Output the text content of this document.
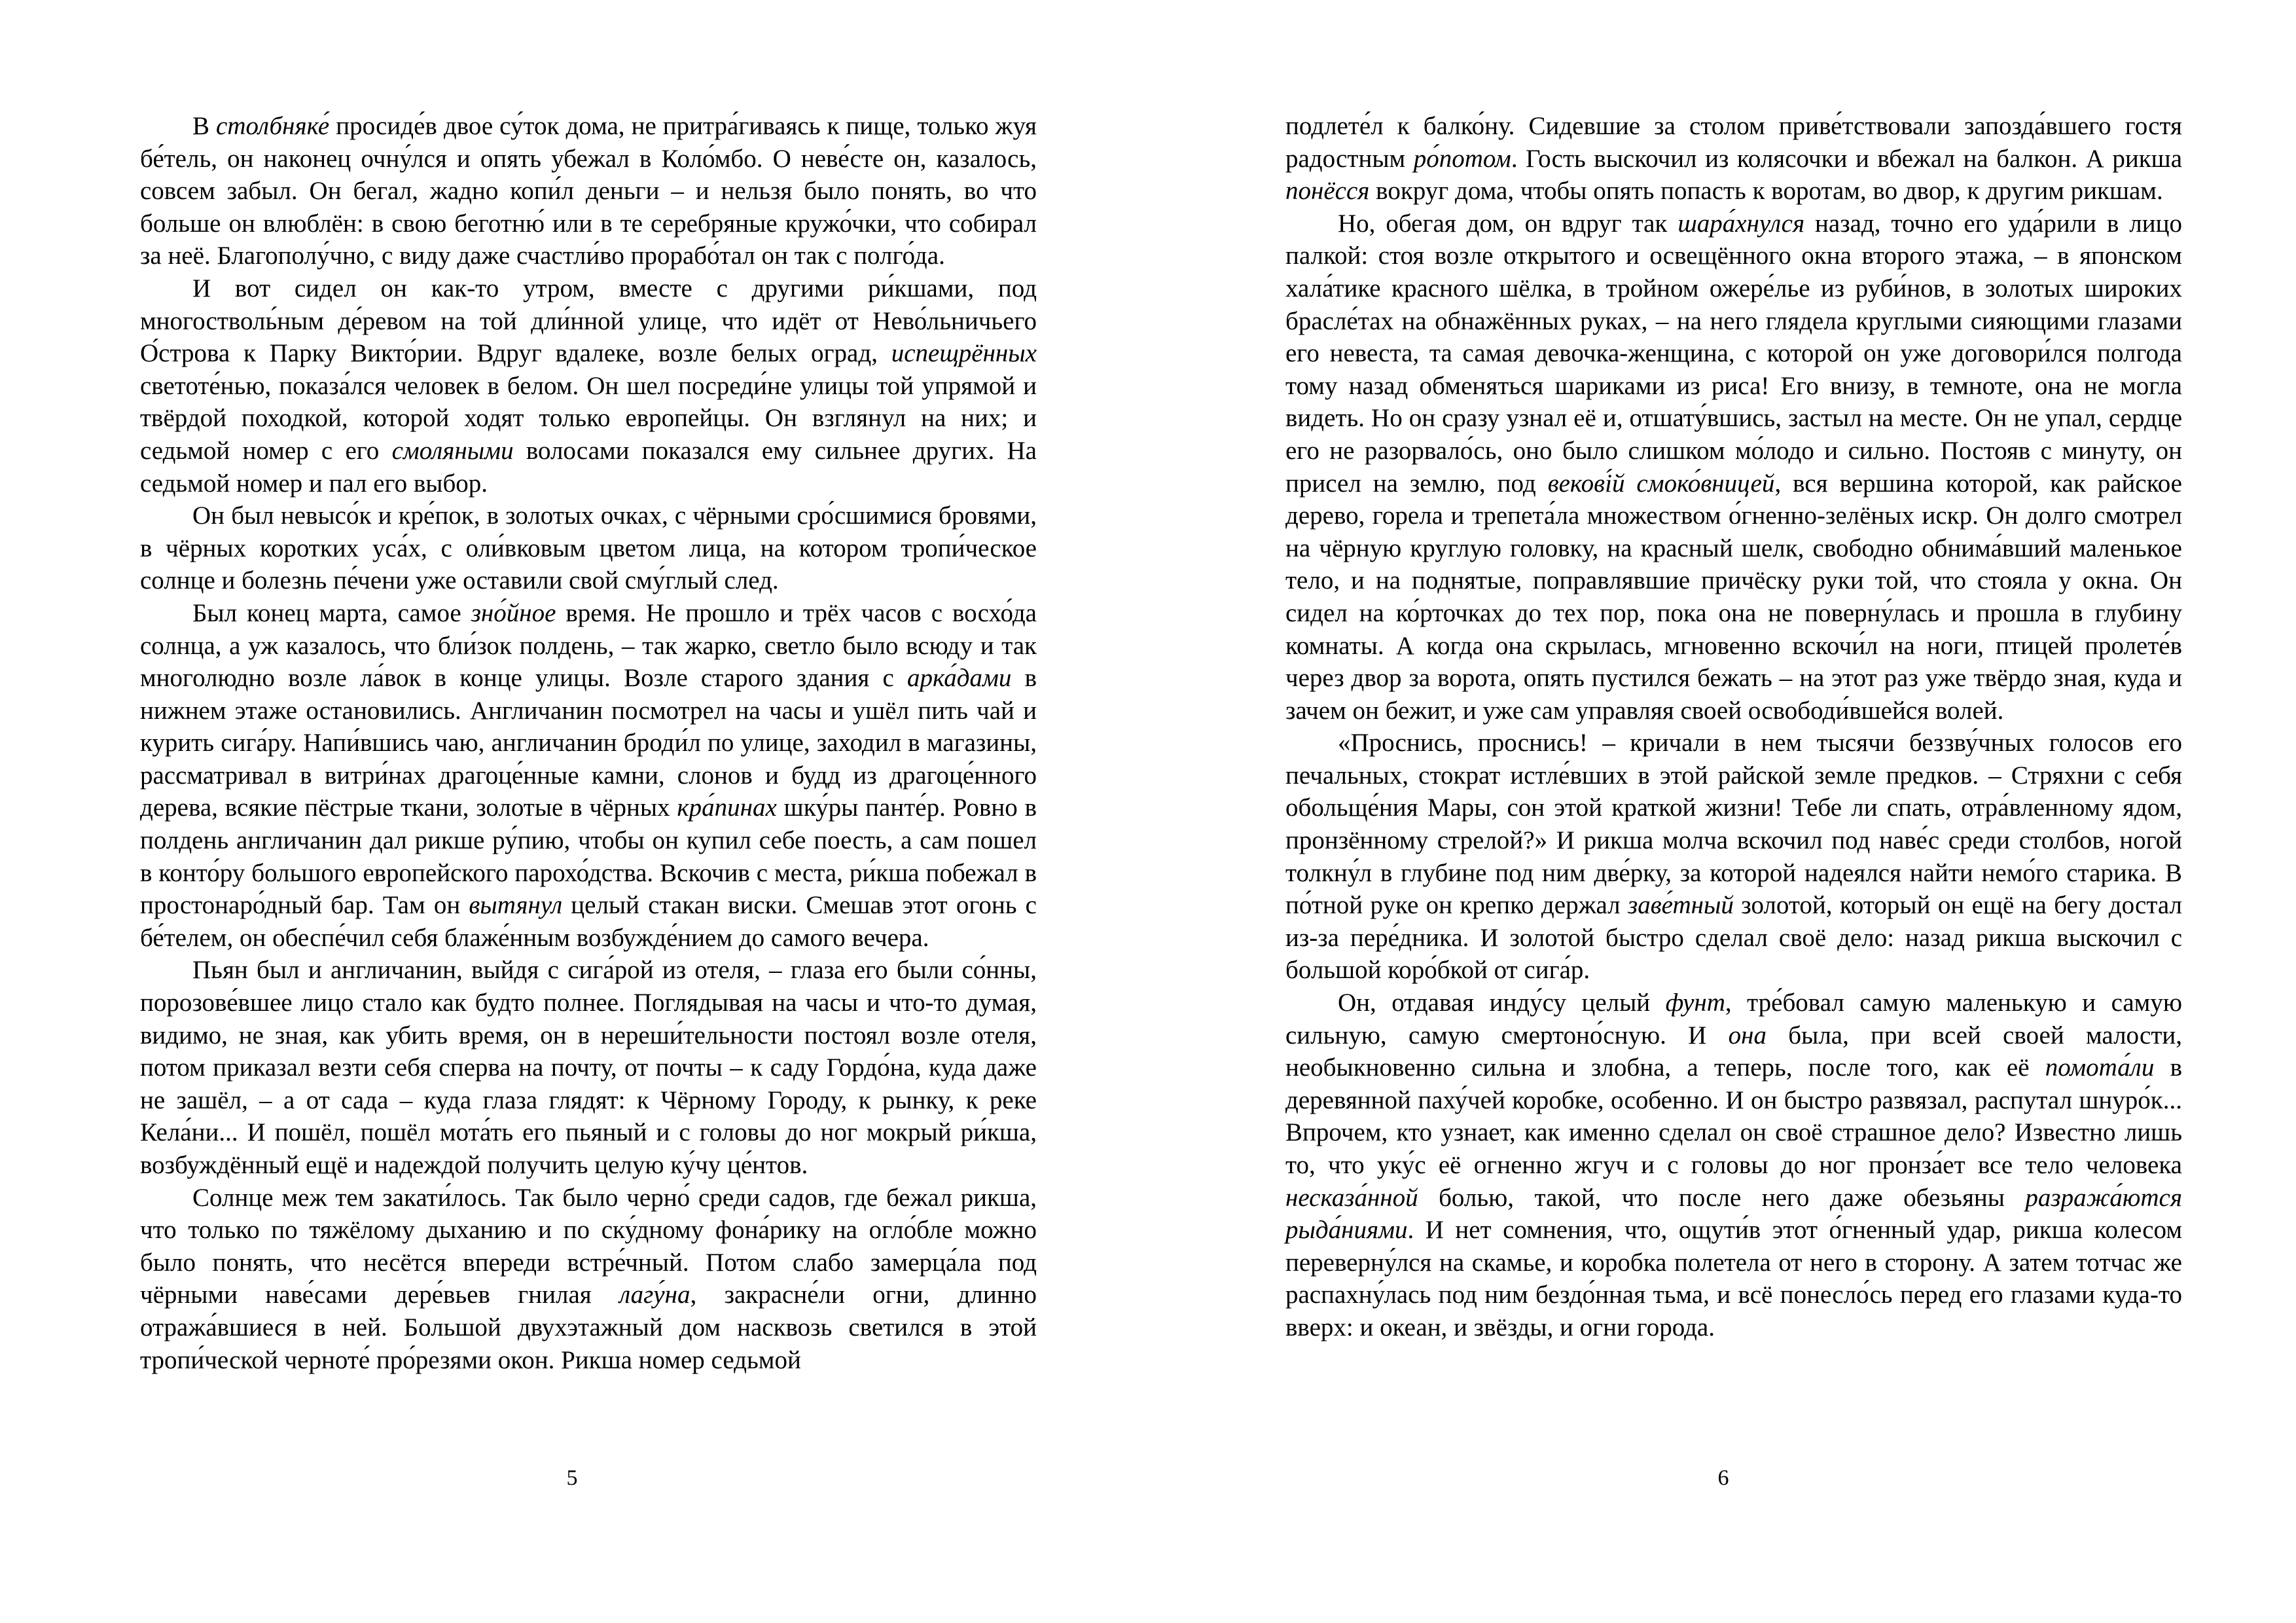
В столбняке́ просиде́в двое су́ток дома, не притра́гиваясь к пище, только жуя бе́тель, он наконец очну́лся и опять убежал в Коло́мбо. О неве́сте он, казалось, совсем забыл. Он бегал, жадно копи́л деньги – и нельзя было понять, во что больше он влюблён: в свою беготню́ или в те серебряные кружо́чки, что собирал за неё. Благополу́чно, с виду даже счастли́во прорабо́тал он так с полго́да.

И вот сидел он как-то утром, вместе с другими ри́кшами, под многостволь́ным де́ревом на той дли́нной улице, что идёт от Нево́льничьего О́строва к Парку Викто́рии. Вдруг вдалеке, возле белых оград, испещрённых светоте́нью, показа́лся человек в белом. Он шел посреди́не улицы той упрямой и твёрдой походкой, которой ходят только европейцы. Он взглянул на них; и седьмой номер с его смоляными волосами показался ему сильнее других. На седьмой номер и пал его выбор.

Он был невысо́к и кре́пок, в золотых очках, с чёрными сро́сшимися бровями, в чёрных коротких уса́х, с оли́вковым цветом лица, на котором тропи́ческое солнце и болезнь пе́чени уже оставили свой сму́глый след.

Был конец марта, самое зно́йное время. Не прошло и трёх часов с восхо́да солнца, а уж казалось, что бли́зок полдень, – так жарко, светло было всюду и так многолюдно возле ла́вок в конце улицы. Возле старого здания с арка́дами в нижнем этаже остановились. Англичанин посмотрел на часы и ушёл пить чай и курить сига́ру. Напи́вшись чаю, англичанин броди́л по улице, заходил в магазины, рассматривал в витри́нах драгоце́нные камни, слонов и будд из драгоце́нного дерева, всякие пёстрые ткани, золотые в чёрных кра́пинах шку́ры панте́р. Ровно в полдень англичанин дал рикше ру́пию, чтобы он купил себе поесть, а сам пошел в конто́ру большого европейского парохо́дства. Вскочив с места, ри́кша побежал в простонаро́дный бар. Там он вытянул целый стакан виски. Смешав этот огонь с бе́телем, он обеспе́чил себя блаже́нным возбужде́нием до самого вечера.

Пьян был и англичанин, выйдя с сига́рой из отеля, – глаза его были со́нны, порозове́вшее лицо стало как будто полнее. Поглядывая на часы и что-то думая, видимо, не зная, как убить время, он в нереши́тельности постоял возле отеля, потом приказал везти себя сперва на почту, от почты – к саду Гордо́на, куда даже не зашёл, – а от сада – куда глаза глядят: к Чёрному Городу, к рынку, к реке Кела́ни... И пошёл, пошёл мота́ть его пьяный и с головы до ног мокрый ри́кша, возбуждённый ещё и надеждой получить целую ку́чу це́нтов.

Солнце меж тем закати́лось. Так было черно́ среди садов, где бежал рикша, что только по тяжёлому дыханию и по ску́дному фона́рику на огло́бле можно было понять, что несётся впереди встре́чный. Потом слабо замерца́ла под чёрными наве́сами дере́вьев гнилая лагу́на, закрасне́ли огни, длинно отража́вшиеся в ней. Большой двухэтажный дом насквозь светился в этой тропи́ческой черноте́ про́резями окон. Рикша номер седьмой

5

подлете́л к балко́ну. Сидевшие за столом приве́тствовали запозда́вшего гостя радостным ро́потом. Гость выскочил из колясочки и вбежал на балкон. А рикша понёсся вокруг дома, чтобы опять попасть к воротам, во двор, к другим рикшам.

Но, обегая дом, он вдруг так шара́хнулся назад, точно его уда́рили в лицо палкой: стоя возле открытого и освещённого окна второго этажа, – в японском хала́тике красного шёлка, в тройном ожере́лье из руби́нов, в золотых широких брасле́тах на обнажённых руках, – на него глядела круглыми сияющими глазами его невеста, та самая девочка-женщина, с которой он уже договори́лся полгода тому назад обменяться шариками из риса! Его внизу, в темноте, она не могла видеть. Но он сразу узнал её и, отшату́вшись, застыл на месте. Он не упал, сердце его не разорвало́сь, оно было слишком мо́лодо и сильно. Постояв с минуту, он присел на землю, под векові́й смоко́вницей, вся вершина которой, как райское дерево, горела и трепета́ла множеством о́гненно-зелёных искр. Он долго смотрел на чёрную круглую головку, на красный шелк, свободно обнима́вший маленькое тело, и на поднятые, поправлявшие причёску руки той, что стояла у окна. Он сидел на ко́рточках до тех пор, пока она не поверну́лась и прошла в глубину комнаты. А когда она скрылась, мгновенно вскочи́л на ноги, птицей пролете́в через двор за ворота, опять пустился бежать – на этот раз уже твёрдо зная, куда и зачем он бежит, и уже сам управляя своей освободи́вшейся волей.

«Проснись, проснись! – кричали в нем тысячи беззву́чных голосов его печальных, стократ истле́вших в этой райской земле предков. – Стряхни с себя обольще́ния Мары, сон этой краткой жизни! Тебе ли спать, отра́вленному ядом, пронзённому стрелой?» И рикша молча вскочил под наве́с среди столбов, ногой толкну́л в глубине под ним две́рку, за которой надеялся найти немо́го старика. В по́тной руке он крепко держал заве́тный золотой, который он ещё на бегу достал из-за пере́дника. И золотой быстро сделал своё дело: назад рикша выскочил с большой коро́бкой от сига́р.

Он, отдавая инду́су целый фунт, тре́бовал самую маленькую и самую сильную, самую смертоно́сную. И она была, при всей своей малости, необыкновенно сильна и злобна, а теперь, после того, как её помота́ли в деревянной паху́чей коробке, особенно. И он быстро развязал, распутал шнуро́к... Впрочем, кто узнает, как именно сделал он своё страшное дело? Известно лишь то, что уку́с её огненно жгуч и с головы до ног пронза́ет все тело человека несказа́нной болью, такой, что после него даже обезьяны разража́ются рыда́ниями. И нет сомнения, что, ощути́в этот о́гненный удар, рикша колесом переверну́лся на скамье, и коробка полетела от него в сторону. А затем тотчас же распахну́лась под ним бездо́нная тьма, и всё понесло́сь перед его глазами куда-то вверх: и океан, и звёзды, и огни города.

6
